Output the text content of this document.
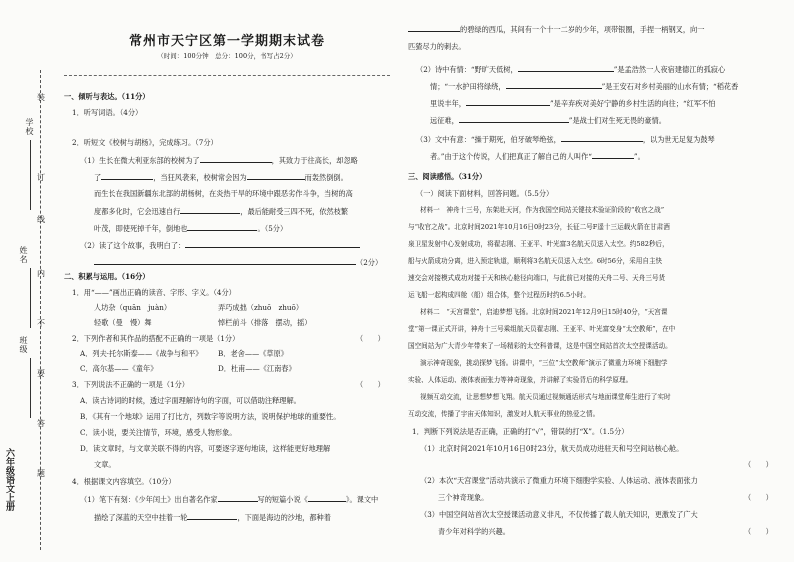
学校
姓名
班级
装
订
线
内
不
要
答
题
六年级语文上册
常州市天宁区第一学期期末试卷
（时间：100分钟　总分：100分，书写占2分）
一、倾听与表达。（11分）
1．听写词语。（4分）
2．听短文《校树与胡杨》，完成练习。（7分）
（1）生长在微大利亚东部的校树为了	，其致力于往高长，却忽略
了	，当狂风袭来，校树常会因为	而轰然倒倒。
而生长在我国新疆东北部的胡杨树，在炎热干旱的环境中跟恶劣作斗争，当树的高
度都多化时，它会迅速自行	，最后能耐受三四不死，依然枝繁
叶茂，即使死掉千年，倒地也	。（5分）
（2）读了这个故事，我明白了：
（2分）
二、积累与运用。（16分）
1．用“——”画出正确的读音、字形、字义。（4分）
人坊杂（quān　juàn）	弄巧成拙（zhuō　zhuō）
轻歌（曼　慢）舞	悼栏前斗（排落　摆动，摇）
2．下列作者和其作品的搭配不正确的一项是（1分）	（　　）
A．列夫·托尔斯泰——《战争与和平》 B．老舍——《草原》
C．高尔基——《童年》	D．杜甫——《江南春》
3．下列说法不正确的一项是（1分）	（　　）
A．读古诗词的时候，透过字面理解诗句的字面，可以借助注释理解。
B．《其有一个地球》运用了打比方，列数字等说明方法，说明保护地球的重要性。
C．读小说，要关注情节，环境，感受人物形象。
D．读文章时，与文章关联不得的内容，可要逐字逐句地读，这样能更好地理解
文章。
4．根据课文内容填空。（10分）
（1）笔下有刻：《少年闰土》出自著名作家	写的短篇小说《	》。课文中
描绘了深蓝的天空中挂着一轮	，下面是海边的沙地，都种着
的碧绿的西瓜，其间有一个十一二岁的少年，项带银圈，手捏一柄钢叉，向一
匹猹尽力的刺去。
（2）诗中有情：“野旷天低树，	”是孟浩然一人夜宿建德江的孤寂心
情；“一水护田将绿绕，	”是王安石对乡村美丽的山水有情；“稻花香
里说丰年，	”是辛弃疾对美好宁静的乡村生活的向往；“红军不怕
远征难，	”是战士们对生死无畏的豪情。
（3）文中有意：“操于期死，伯牙破琴绝弦，	，以为世无足复为鼓琴
者。”由于这个传说，人们把真正了解自己的人叫作“	”。
三、阅读感悟。（31分）
（一）阅读下面材料，回答问题。（5.5分）
材料一　神舟十三号，东架赴天河，作为我国空间站关键技术验证阶段的“收官之战”
与“收官之战”。北京时间2021年10月16日0时23分，长征二号F遥十三运载火箭在甘肃酒
泉卫星发射中心发射成功，将翟志刚、王亚平、叶光富3名航天员送入太空。约582秒后，
船与火箭成功分离，进入预定轨道，顺利将3名航天员送入太空。6时56分，采用自主快
速交会对接模式成功对接于天和核心舱径向端口，与此前已对接的天舟二号、天舟三号货
运飞船一起构成四舱（船）组合体，整个过程历时约6.5小时。
材料二　“天宫课堂”，启迪梦想飞扬。北京时间2021年12月9日15时40分，“天宫课
堂”第一课正式开讲，神舟十三号乘组航天员翟志刚、王亚平、叶光富变身“太空教师”，在中
国空间站为广大青少年带来了一场精彩的太空科普课，这是中国空间站首次太空授课活动。
演示神奇现象，挑动探梦飞扬。讲课中，“三位”太空教师”演示了微重力环境下细胞学
实验、人体运动、液体表面张力等神奇现象，并讲解了实验背后的科学原理。
视频互动交流，让思想梦想飞翔。航天员通过视频通话形式与地面课堂师生进行了实时
互动交流，传播了宇宙天体知识，激发对人航天事业的热爱之情。
1．判断下列说法是否正确，正确的打“√”，错误的打“X”。（1.5分）
（1）北京时间2021年10月16日0时23分，航天员成功进驻天和号空间站核心舱。
（　　）
（2）本次“天宫课堂”活动共演示了微重力环境下细胞学实验、人体运动、液体表面张力
三个神奇现象。	（　　）
（3）中国空间站首次太空授课活动意义非凡，不仅传播了载人航天知识，更激发了广大
青少年对科学的兴趣。	（　　）
